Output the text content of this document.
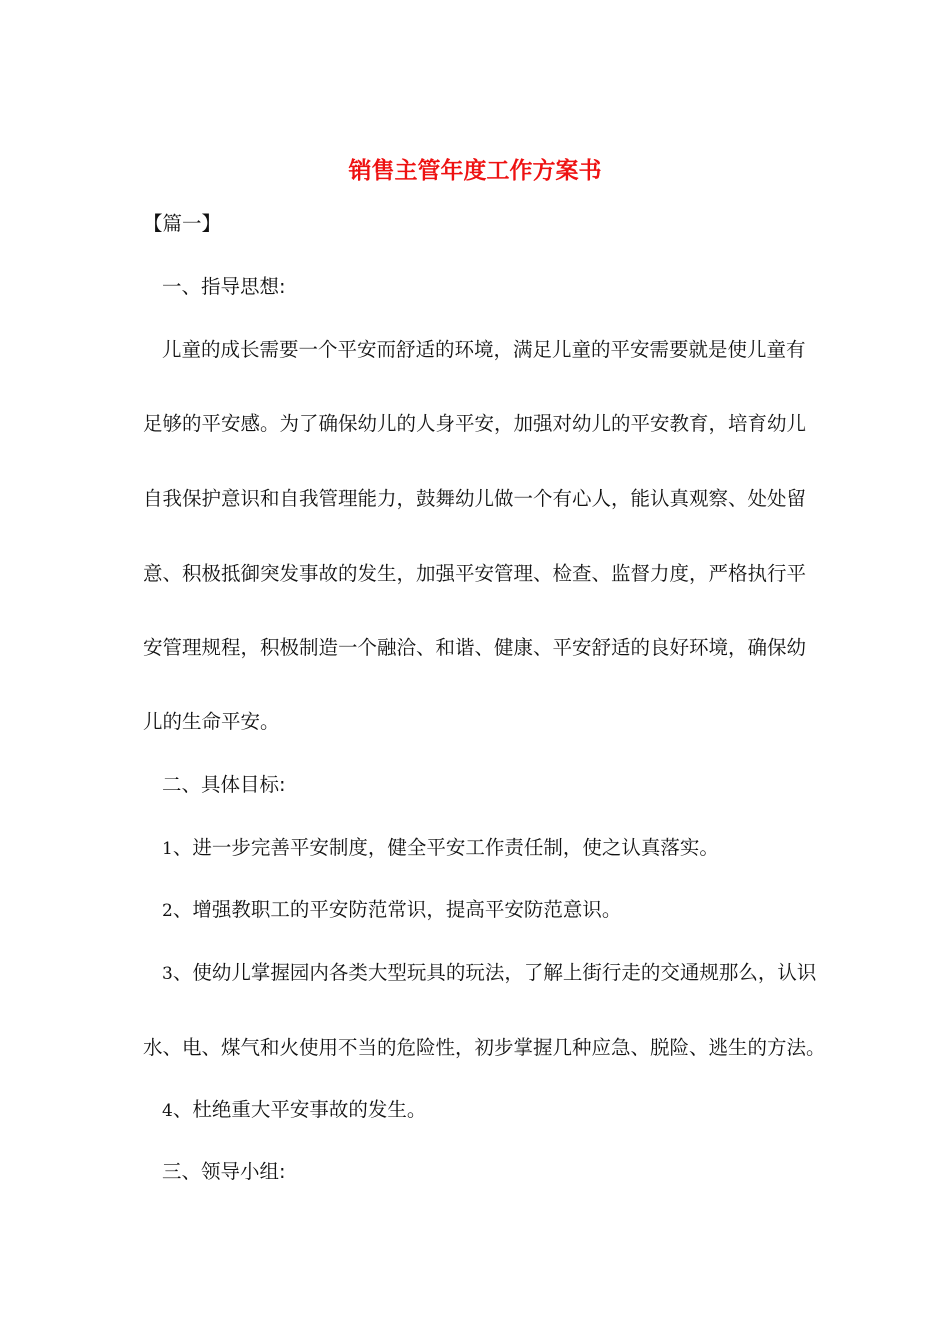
销售主管年度工作方案书
【篇一】
一、指导思想:
儿童的成长需要一个平安而舒适的环境，满足儿童的平安需要就是使儿童有
足够的平安感。为了确保幼儿的人身平安，加强对幼儿的平安教育，培育幼儿
自我保护意识和自我管理能力，鼓舞幼儿做一个有心人，能认真观察、处处留
意、积极抵御突发事故的发生，加强平安管理、检查、监督力度，严格执行平
安管理规程，积极制造一个融洽、和谐、健康、平安舒适的良好环境，确保幼
儿的生命平安。
二、具体目标:
1、进一步完善平安制度，健全平安工作责任制，使之认真落实。
2、增强教职工的平安防范常识，提高平安防范意识。
3、使幼儿掌握园内各类大型玩具的玩法，了解上街行走的交通规那么，认识
水、电、煤气和火使用不当的危险性，初步掌握几种应急、脱险、逃生的方法。
4、杜绝重大平安事故的发生。
三、领导小组:
